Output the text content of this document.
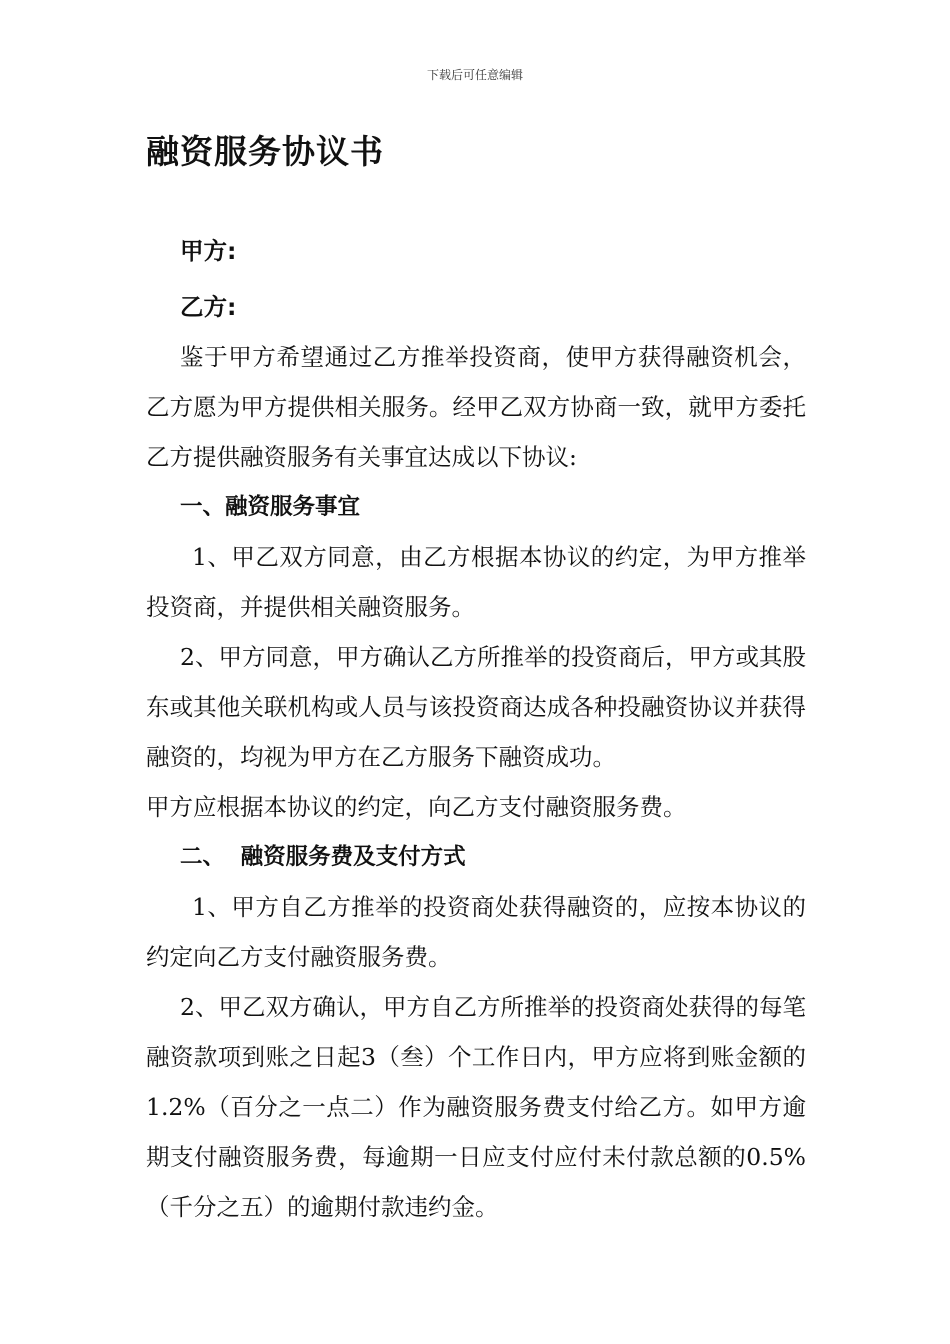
下载后可任意编辑
融资服务协议书

甲方:

乙方:

鉴于甲方希望通过乙方推举投资商，使甲方获得融资机会，乙方愿为甲方提供相关服务。经甲乙双方协商一致，就甲方委托乙方提供融资服务有关事宜达成以下协议:

一、融资服务事宜

1、甲乙双方同意，由乙方根据本协议的约定，为甲方推举投资商，并提供相关融资服务。

2、甲方同意，甲方确认乙方所推举的投资商后，甲方或其股东或其他关联机构或人员与该投资商达成各种投融资协议并获得融资的，均视为甲方在乙方服务下融资成功。

甲方应根据本协议的约定，向乙方支付融资服务费。

二、  融资服务费及支付方式

1、甲方自乙方推举的投资商处获得融资的，应按本协议的约定向乙方支付融资服务费。

2、甲乙双方确认，甲方自乙方所推举的投资商处获得的每笔融资款项到账之日起3（叁）个工作日内，甲方应将到账金额的1.2%（百分之一点二）作为融资服务费支付给乙方。如甲方逾期支付融资服务费，每逾期一日应支付应付未付款总额的0.5%（千分之五）的逾期付款违约金。
